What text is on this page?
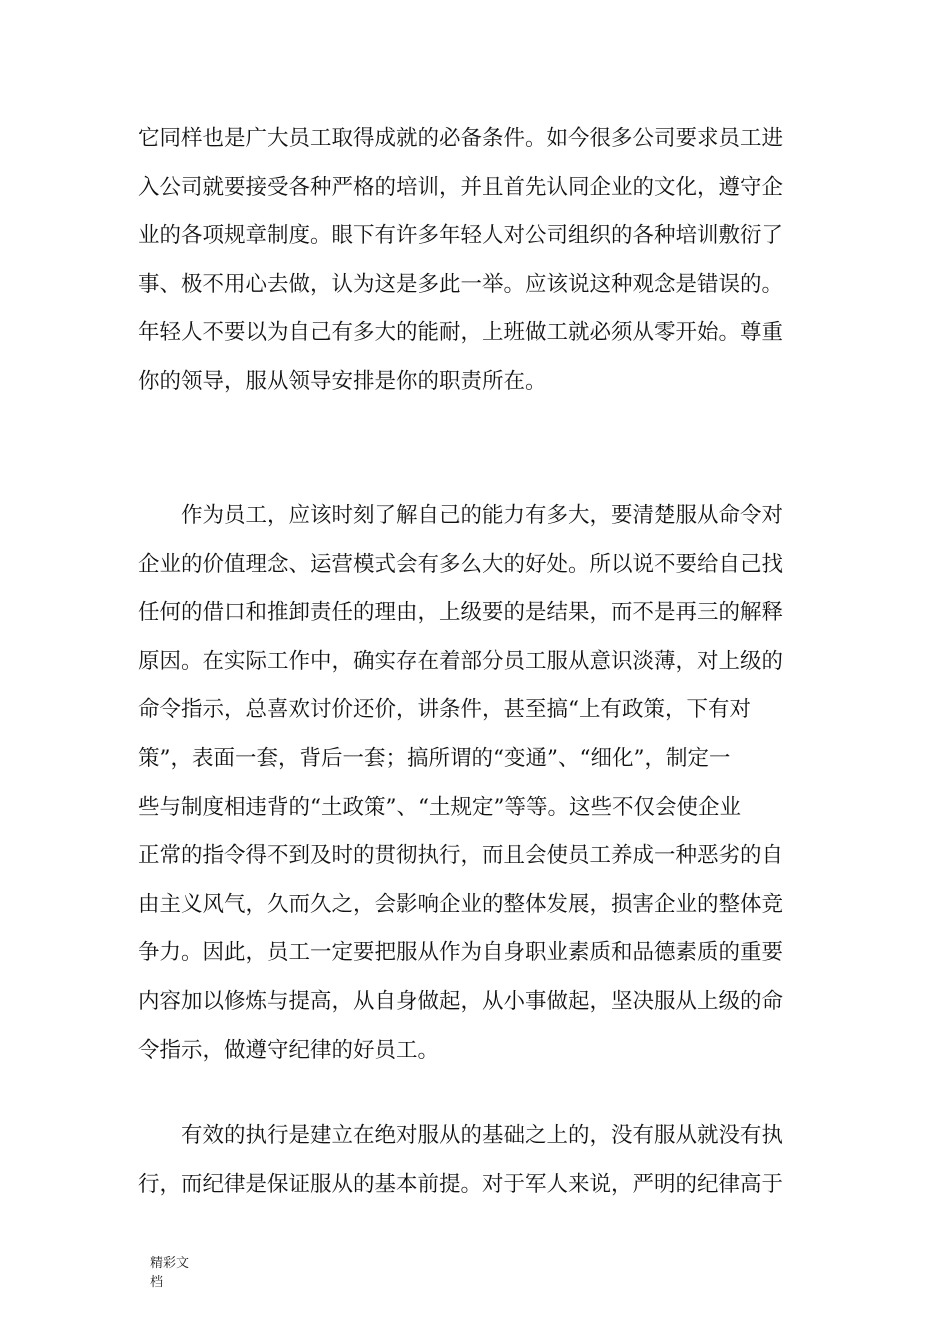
它同样也是广大员工取得成就的必备条件。如今很多公司要求员工进
入公司就要接受各种严格的培训，并且首先认同企业的文化，遵守企
业的各项规章制度。眼下有许多年轻人对公司组织的各种培训敷衍了
事、极不用心去做，认为这是多此一举。应该说这种观念是错误的。
年轻人不要以为自己有多大的能耐，上班做工就必须从零开始。尊重
你的领导，服从领导安排是你的职责所在。

作为员工，应该时刻了解自己的能力有多大，要清楚服从命令对
企业的价值理念、运营模式会有多么大的好处。所以说不要给自己找
任何的借口和推卸责任的理由，上级要的是结果，而不是再三的解释
原因。在实际工作中，确实存在着部分员工服从意识淡薄，对上级的
命令指示，总喜欢讨价还价，讲条件，甚至搞“上有政策，下有对
策”，表面一套，背后一套；搞所谓的“变通”、“细化”，制定一
些与制度相违背的“土政策”、“土规定”等等。这些不仅会使企业
正常的指令得不到及时的贯彻执行，而且会使员工养成一种恶劣的自
由主义风气，久而久之，会影响企业的整体发展，损害企业的整体竞
争力。因此，员工一定要把服从作为自身职业素质和品德素质的重要
内容加以修炼与提高，从自身做起，从小事做起，坚决服从上级的命
令指示，做遵守纪律的好员工。

有效的执行是建立在绝对服从的基础之上的，没有服从就没有执
行，而纪律是保证服从的基本前提。对于军人来说，严明的纪律高于

精彩文
档
